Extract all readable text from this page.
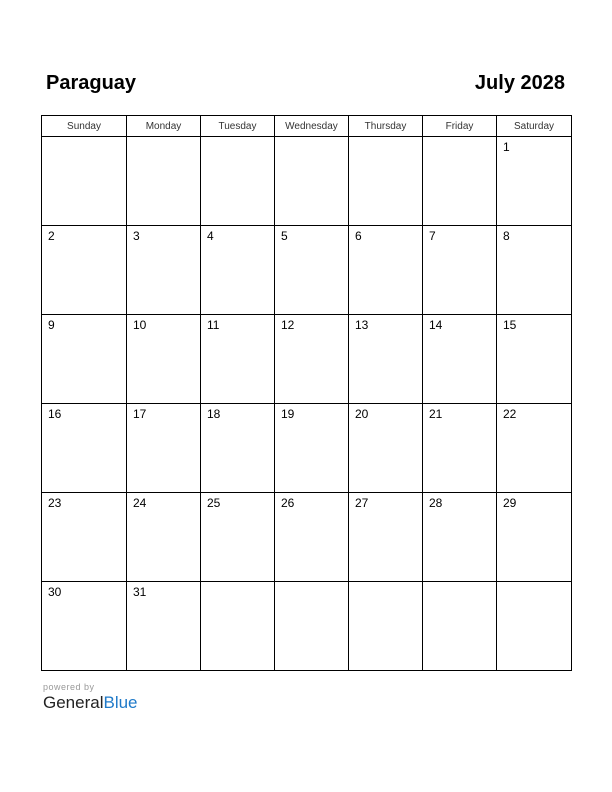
Paraguay	July 2028
Sunday	Monday	Tuesday	Wednesday	Thursday	Friday	Saturday

						1

2	3	4	5	6	7	8

9	10	11	12	13	14	15

16	17	18	19	20	21	22

23	24	25	26	27	28	29

30	31					

powered by
GeneralBlue
